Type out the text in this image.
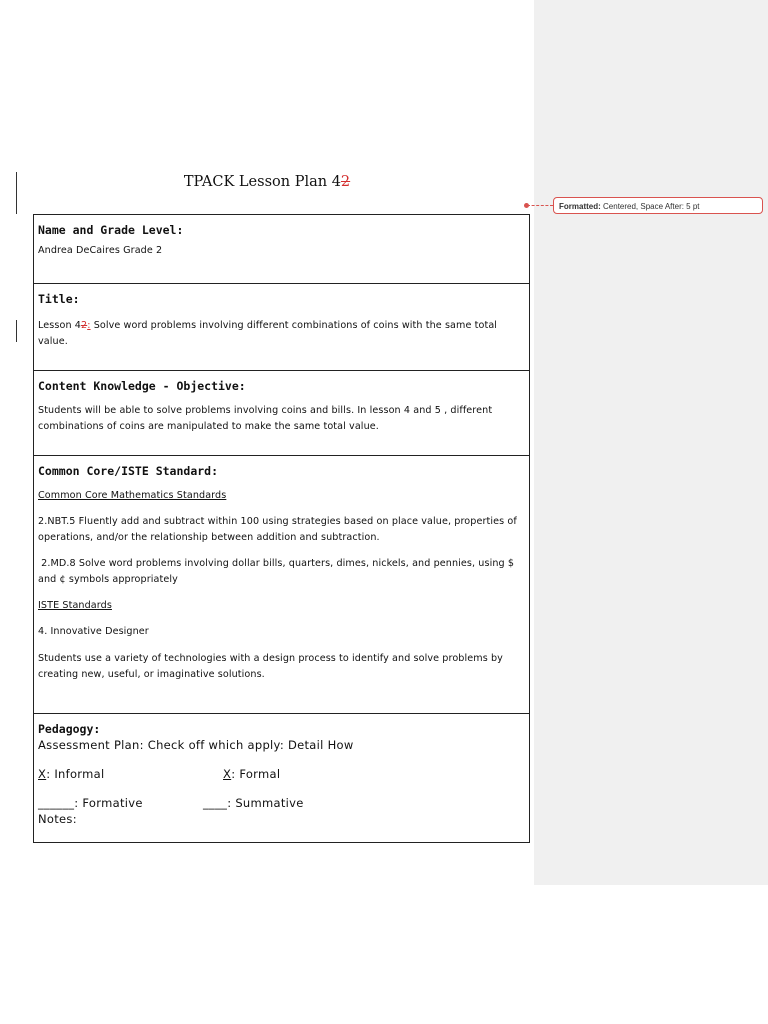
TPACK Lesson Plan 42
Formatted: Centered, Space After: 5 pt
Name and Grade Level:
Andrea DeCaires Grade 2
Title:
Lesson 42: Solve word problems involving different combinations of coins with the same total value.
Content Knowledge - Objective:
Students will be able to solve problems involving coins and bills. In lesson 4 and 5 , different combinations of coins are manipulated to make the same total value.
Common Core/ISTE Standard:
Common Core Mathematics Standards
2.NBT.5 Fluently add and subtract within 100 using strategies based on place value, properties of operations, and/or the relationship between addition and subtraction.
2.MD.8 Solve word problems involving dollar bills, quarters, dimes, nickels, and pennies, using $ and ¢ symbols appropriately
ISTE Standards
4. Innovative Designer
Students use a variety of technologies with a design process to identify and solve problems by creating new, useful, or imaginative solutions.
Pedagogy:
Assessment Plan: Check off which apply: Detail How
X: Informal	X: Formal
______: Formative	____: Summative
Notes:
